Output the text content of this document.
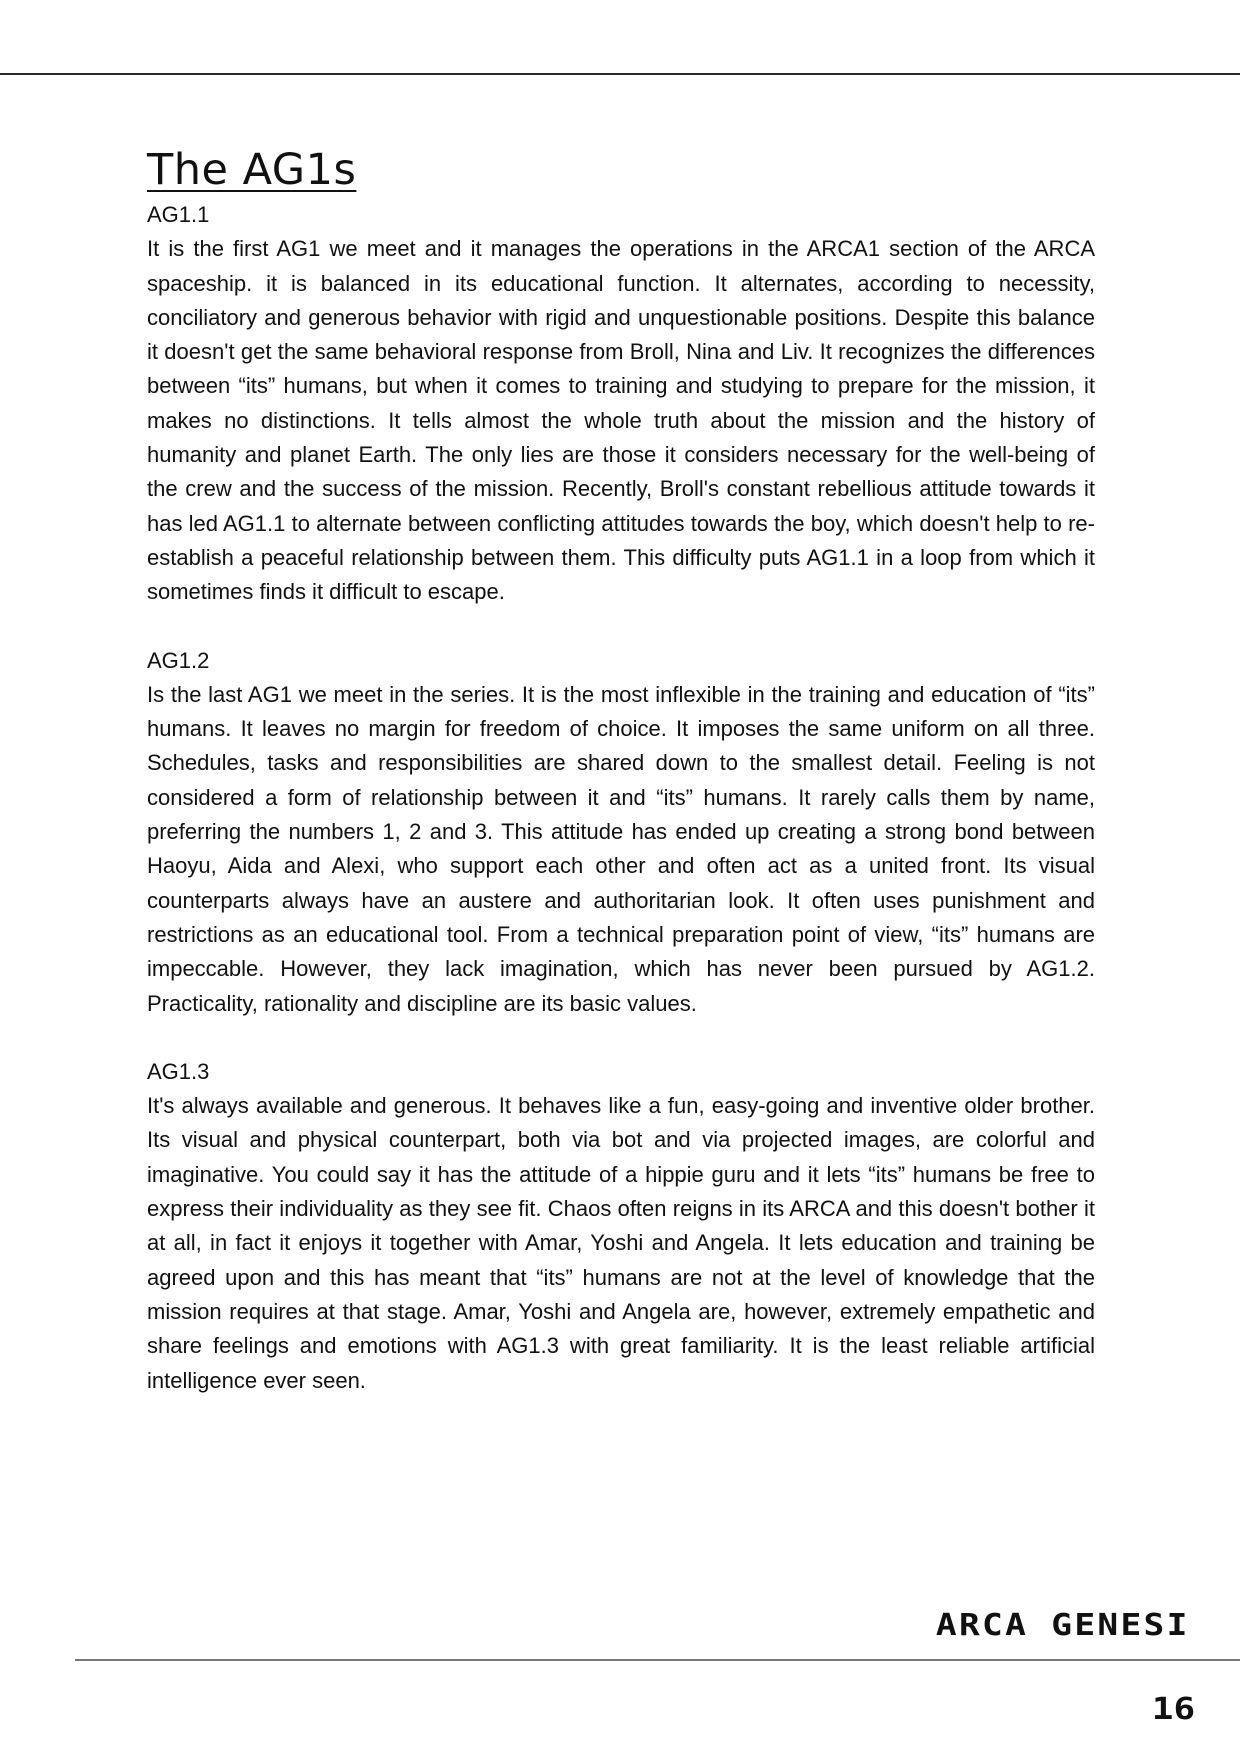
The AG1s

AG1.1

It is the first AG1 we meet and it manages the operations in the ARCA1 section of the ARCA spaceship. it is balanced in its educational function. It alternates, according to necessity, conciliatory and generous behavior with rigid and unquestionable positions. Despite this balance it doesn't get the same behavioral response from Broll, Nina and Liv. It recognizes the differences between “its” humans, but when it comes to training and studying to prepare for the mission, it makes no distinctions. It tells almost the whole truth about the mission and the history of humanity and planet Earth. The only lies are those it considers necessary for the well-being of the crew and the success of the mission. Recently, Broll's constant rebellious attitude towards it has led AG1.1 to alternate between conflicting attitudes towards the boy, which doesn't help to re-establish a peaceful relationship between them. This difficulty puts AG1.1 in a loop from which it sometimes finds it difficult to escape.

AG1.2

Is the last AG1 we meet in the series. It is the most inflexible in the training and education of “its” humans. It leaves no margin for freedom of choice. It imposes the same uniform on all three. Schedules, tasks and responsibilities are shared down to the smallest detail. Feeling is not considered a form of relationship between it and “its” humans. It rarely calls them by name, preferring the numbers 1, 2 and 3. This attitude has ended up creating a strong bond between Haoyu, Aida and Alexi, who support each other and often act as a united front. Its visual counterparts always have an austere and authoritarian look. It often uses punishment and restrictions as an educational tool. From a technical preparation point of view, “its” humans are impeccable. However, they lack imagination, which has never been pursued by AG1.2. Practicality, rationality and discipline are its basic values.

AG1.3

It's always available and generous. It behaves like a fun, easy-going and inventive older brother. Its visual and physical counterpart, both via bot and via projected images, are colorful and imaginative. You could say it has the attitude of a hippie guru and it lets “its” humans be free to express their individuality as they see fit. Chaos often reigns in its ARCA and this doesn't bother it at all, in fact it enjoys it together with Amar, Yoshi and Angela. It lets education and training be agreed upon and this has meant that “its” humans are not at the level of knowledge that the mission requires at that stage. Amar, Yoshi and Angela are, however, extremely empathetic and share feelings and emotions with AG1.3 with great familiarity. It is the least reliable artificial intelligence ever seen.

ARCA GENESI
16
